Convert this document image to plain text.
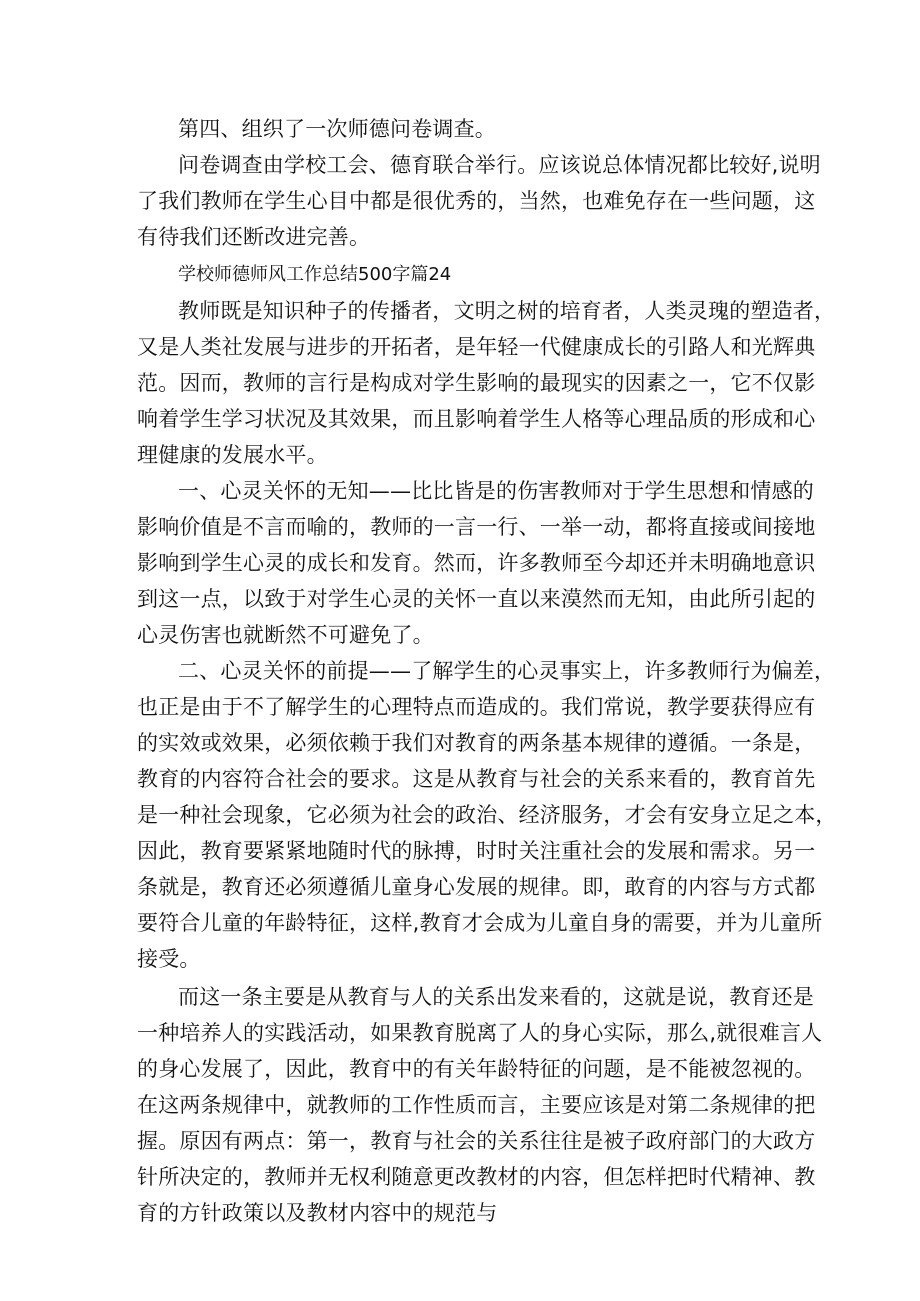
第四、组织了一次师德问卷调查。
问卷调查由学校工会、德育联合举行。应该说总体情况都比较好,说明
了我们教师在学生心目中都是很优秀的，当然，也难免存在一些问题，这
有待我们还断改进完善。
学校师德师风工作总结500字篇24
教师既是知识种子的传播者，文明之树的培育者，人类灵瑰的塑造者，
又是人类社发展与进步的开拓者，是年轻一代健康成长的引路人和光辉典
范。因而，教师的言行是构成对学生影响的最现实的因素之一，它不仅影
响着学生学习状况及其效果，而且影响着学生人格等心理品质的形成和心
理健康的发展水平。
一、心灵关怀的无知——比比皆是的伤害教师对于学生思想和情感的
影响价值是不言而喻的，教师的一言一行、一举一动，都将直接或间接地
影响到学生心灵的成长和发育。然而，许多教师至今却还并未明确地意识
到这一点，以致于对学生心灵的关怀一直以来漠然而无知，由此所引起的
心灵伤害也就断然不可避免了。
二、心灵关怀的前提——了解学生的心灵事实上，许多教师行为偏差，
也正是由于不了解学生的心理特点而造成的。我们常说，教学要获得应有
的实效或效果，必须依赖于我们对教育的两条基本规律的遵循。一条是，
教育的内容符合社会的要求。这是从教育与社会的关系来看的，教育首先
是一种社会现象，它必须为社会的政治、经济服务，才会有安身立足之本，
因此，教育要紧紧地随时代的脉搏，时时关注重社会的发展和需求。另一
条就是，教育还必须遵循儿童身心发展的规律。即，敢育的内容与方式都
要符合儿童的年龄特征，这样,教育才会成为儿童自身的需要，并为儿童所
接受。
而这一条主要是从教育与人的关系出发来看的，这就是说，教育还是
一种培养人的实践活动，如果教育脱离了人的身心实际，那么,就很难言人
的身心发展了，因此，教育中的有关年龄特征的问题，是不能被忽视的。
在这两条规律中，就教师的工作性质而言，主要应该是对第二条规律的把
握。原因有两点：第一，教育与社会的关系往往是被子政府部门的大政方
针所决定的，教师并无权利随意更改教材的内容，但怎样把时代精神、教
育的方针政策以及教材内容中的规范与
